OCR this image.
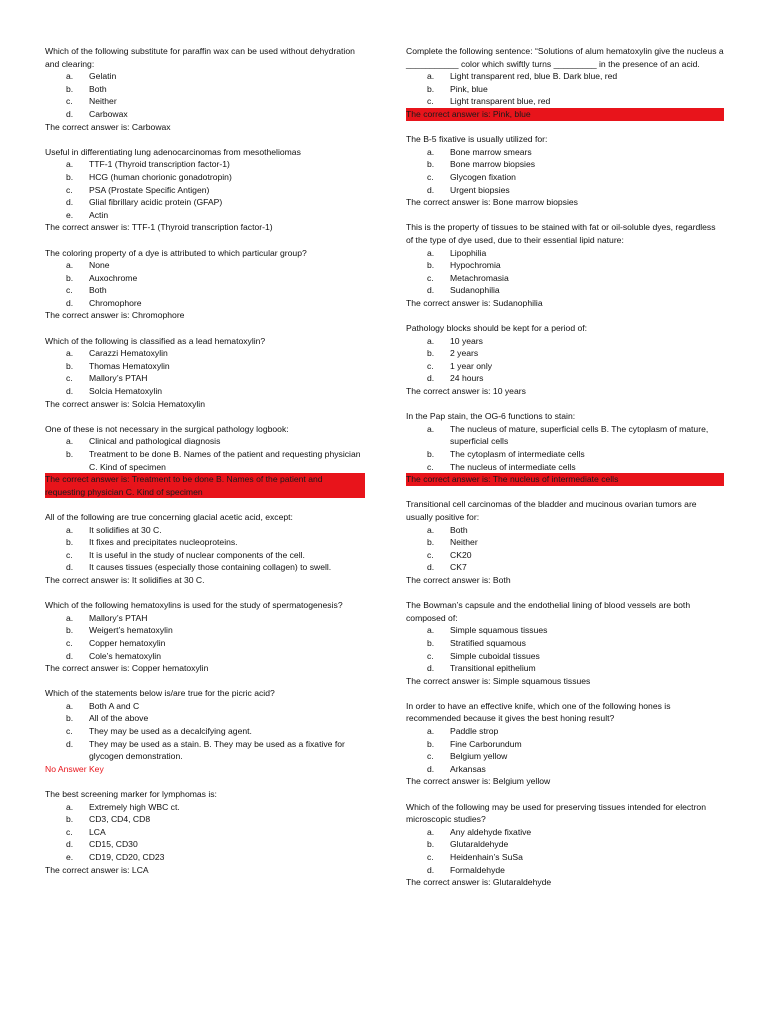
Which of the following substitute for paraffin wax can be used without dehydration and clearing:

a.	Gelatin
b.	Both
c.	Neither
d.	Carbowax

The correct answer is: Carbowax

Useful in differentiating lung adenocarcinomas from mesotheliomas

a.	TTF-1 (Thyroid transcription factor-1)
b.	HCG (human chorionic gonadotropin)
c.	PSA (Prostate Specific Antigen)
d.	Glial fibrillary acidic protein (GFAP)
e.	Actin

The correct answer is: TTF-1 (Thyroid transcription factor-1)

The coloring property of a dye is attributed to which particular group?

a.	None
b.	Auxochrome
c.	Both
d.	Chromophore

The correct answer is: Chromophore

Which of the following is classified as a lead hematoxylin?

a.	Carazzi Hematoxylin
b.	Thomas Hematoxylin
c.	Mallory’s PTAH
d.	Solcia Hematoxylin

The correct answer is: Solcia Hematoxylin

One of these is not necessary in the surgical pathology logbook:

a.	Clinical and pathological diagnosis
b.	Treatment to be done B. Names of the patient and requesting physician C. Kind of specimen

The correct answer is: Treatment to be done B. Names of the patient and requesting physician C. Kind of specimen

All of the following are true concerning glacial acetic acid, except:

a.	It solidifies at 30 C.
b.	It fixes and precipitates nucleoproteins.
c.	It is useful in the study of nuclear components of the cell.
d.	It causes tissues (especially those containing collagen) to swell.

The correct answer is: It solidifies at 30 C.

Which of the following hematoxylins is used for the study of spermatogenesis?

a.	Mallory’s PTAH
b.	Weigert’s hematoxylin
c.	Copper hematoxylin
d.	Cole’s hematoxylin

The correct answer is: Copper hematoxylin

Which of the statements below is/are true for the picric acid?

a.	Both A and C
b.	All of the above
c.	They may be used as a decalcifying agent.
d.	They may be used as a stain. B. They may be used as a fixative for glycogen demonstration.

No Answer Key

The best screening marker for lymphomas is:

a.	Extremely high WBC ct.
b.	CD3, CD4, CD8
c.	LCA
d.	CD15, CD30
e.	CD19, CD20, CD23

The correct answer is: LCA

Complete the following sentence: “Solutions of alum hematoxylin give the nucleus a ___________ color which swiftly turns _________ in the presence of an acid.

a.	Light transparent red, blue B. Dark blue, red
b.	Pink, blue
c.	Light transparent blue, red

The correct answer is: Pink, blue

The B-5 fixative is usually utilized for:

a.	Bone marrow smears
b.	Bone marrow biopsies
c.	Glycogen fixation
d.	Urgent biopsies

The correct answer is: Bone marrow biopsies

This is the property of tissues to be stained with fat or oil-soluble dyes, regardless of the type of dye used, due to their essential lipid nature:

a.	Lipophilia
b.	Hypochromia
c.	Metachromasia
d.	Sudanophilia

The correct answer is: Sudanophilia

Pathology blocks should be kept for a period of:

a.	10 years
b.	2 years
c.	1 year only
d.	24 hours

The correct answer is: 10 years

In the Pap stain, the OG-6 functions to stain:

a.	The nucleus of mature, superficial cells B. The cytoplasm of mature, superficial cells
b.	The cytoplasm of intermediate cells
c.	The nucleus of intermediate cells

The correct answer is: The nucleus of intermediate cells

Transitional cell carcinomas of the bladder and mucinous ovarian tumors are usually positive for:

a.	Both
b.	Neither
c.	CK20
d.	CK7

The correct answer is: Both

The Bowman’s capsule and the endothelial lining of blood vessels are both composed of:

a.	Simple squamous tissues
b.	Stratified squamous
c.	Simple cuboidal tissues
d.	Transitional epithelium

The correct answer is: Simple squamous tissues

In order to have an effective knife, which one of the following hones is recommended because it gives the best honing result?

a.	Paddle strop
b.	Fine Carborundum
c.	Belgium yellow
d.	Arkansas

The correct answer is: Belgium yellow

Which of the following may be used for preserving tissues intended for electron microscopic studies?

a.	Any aldehyde fixative
b.	Glutaraldehyde
c.	Heidenhain’s SuSa
d.	Formaldehyde

The correct answer is: Glutaraldehyde
